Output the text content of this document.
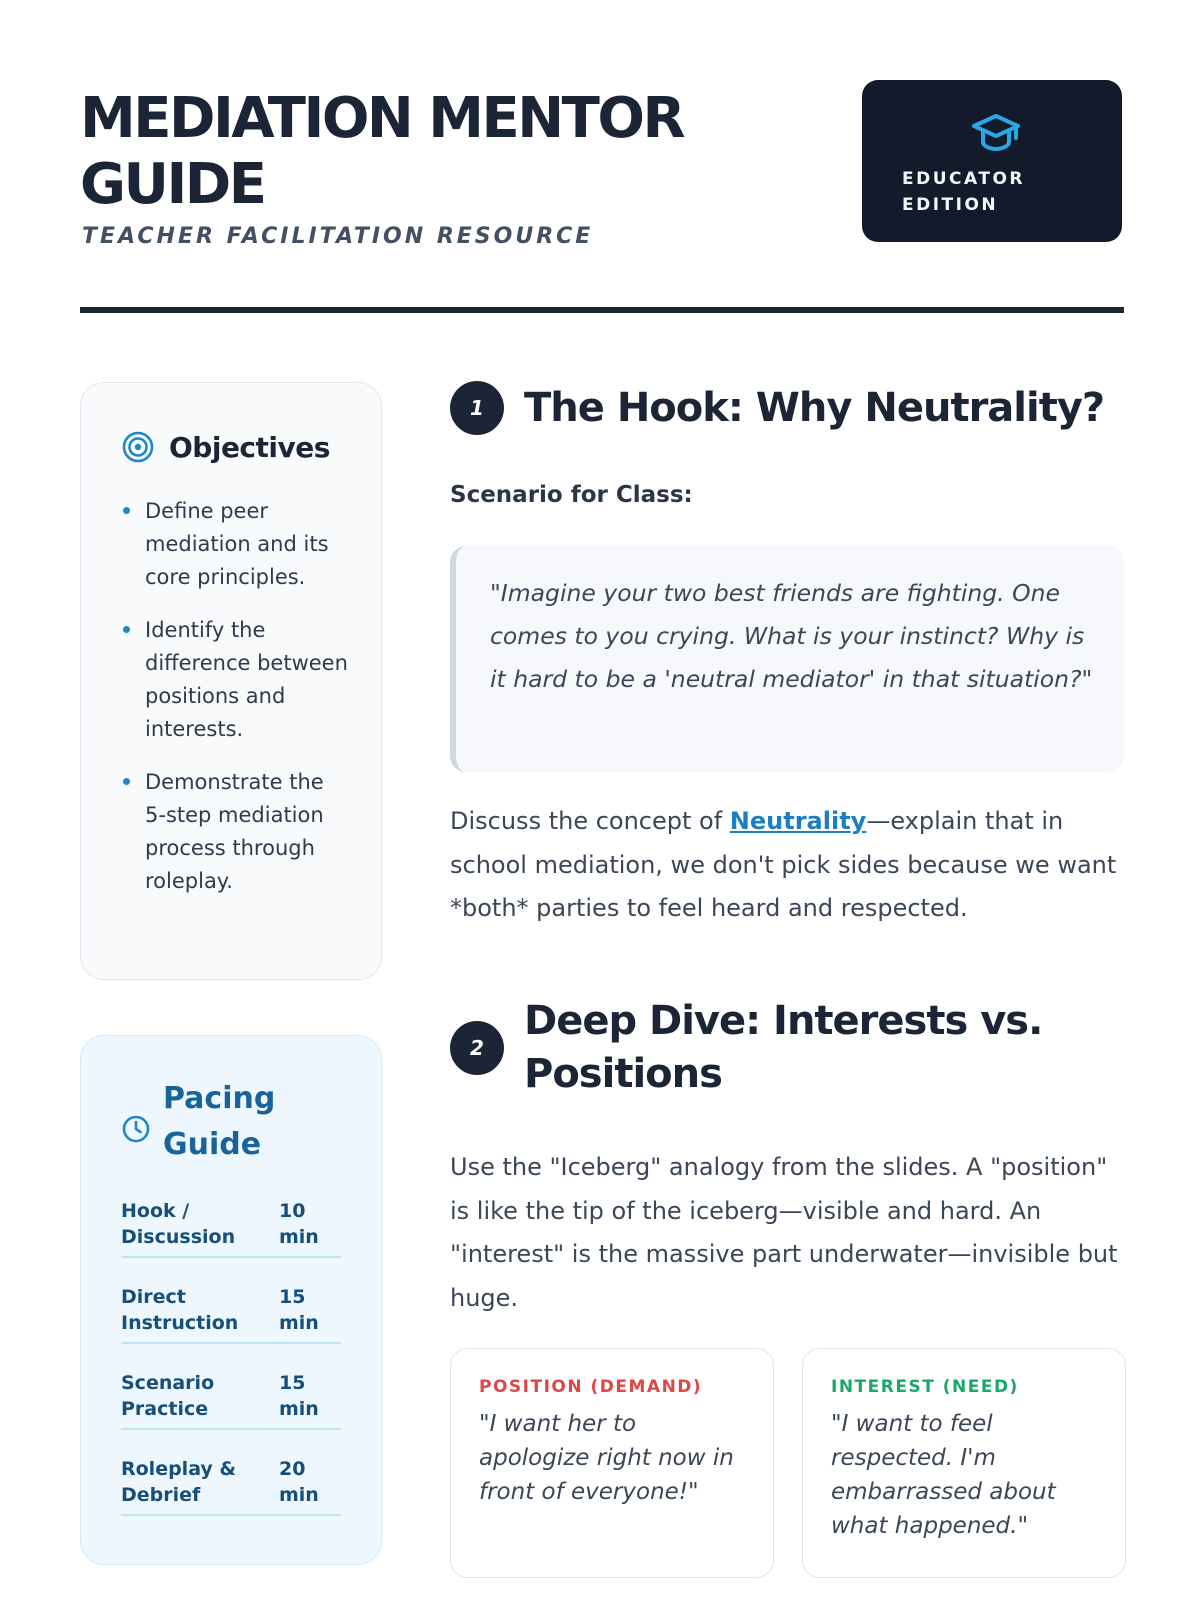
MEDIATION MENTOR GUIDE
TEACHER FACILITATION RESOURCE
EDUCATOR EDITION
Objectives
Define peer mediation and its core principles.
Identify the difference between positions and interests.
Demonstrate the 5-step mediation process through roleplay.
Pacing Guide
Hook / Discussion
10 min
Direct Instruction
15 min
Scenario Practice
15 min
Roleplay & Debrief
20 min
1	The Hook: Why Neutrality?
Scenario for Class:
"Imagine your two best friends are fighting. One comes to you crying. What is your instinct? Why is it hard to be a 'neutral mediator' in that situation?"

Discuss the concept of Neutrality—explain that in school mediation, we don't pick sides because we want *both* parties to feel heard and respected.

2
Deep Dive: Interests vs. Positions

Use the "Iceberg" analogy from the slides. A "position" is like the tip of the iceberg—visible and hard. An "interest" is the massive part underwater—invisible but huge.

POSITION (DEMAND)
"I want her to apologize right now in front of everyone!"
INTEREST (NEED)
"I want to feel respected. I'm embarrassed about what happened."
